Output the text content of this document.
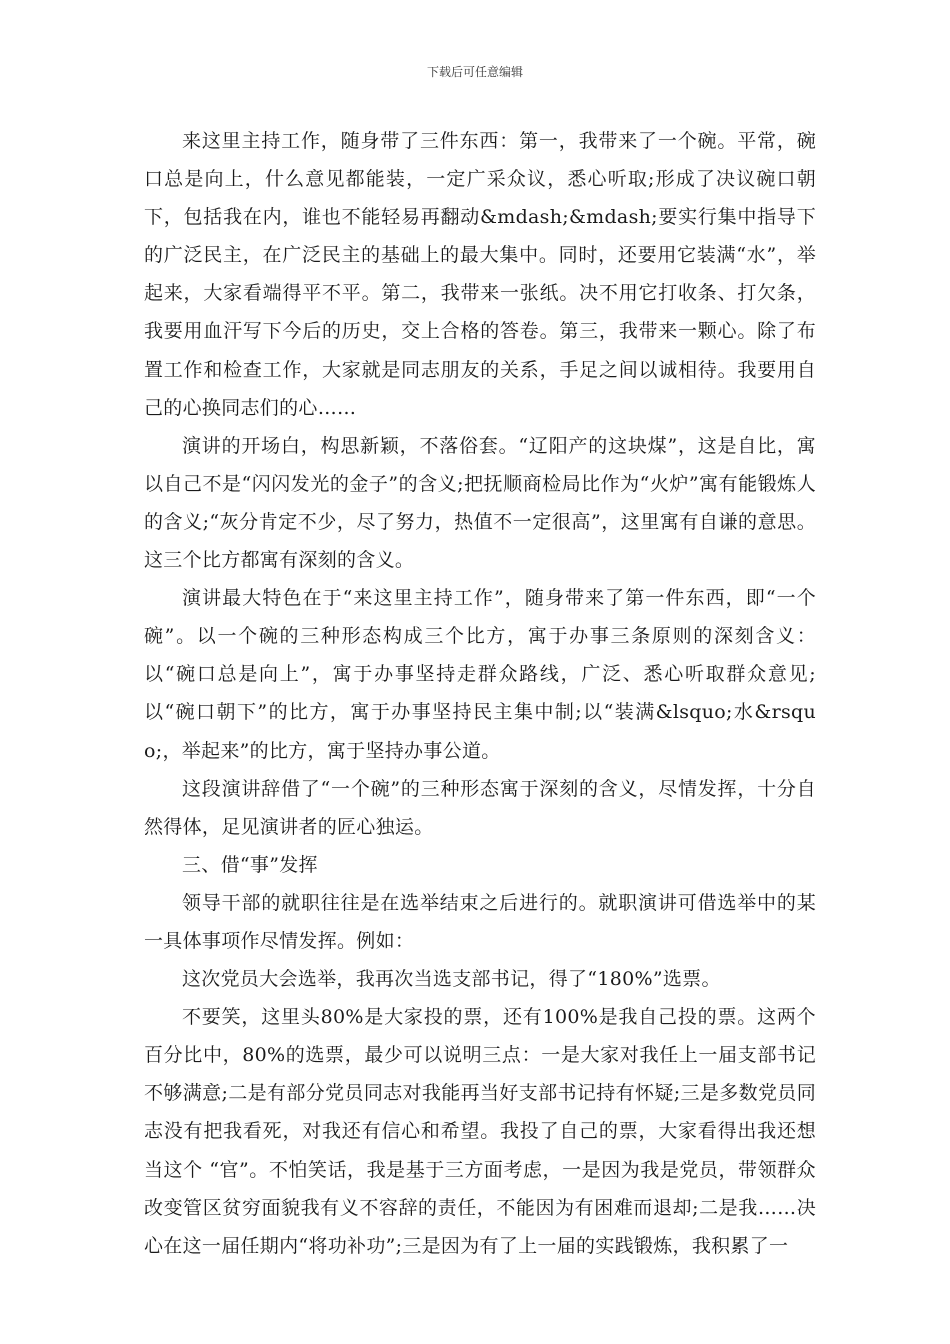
下载后可任意编辑

来这里主持工作，随身带了三件东西：第一，我带来了一个碗。平常，碗口总是向上，什么意见都能装，一定广采众议，悉心听取;形成了决议碗口朝下，包括我在内，谁也不能轻易再翻动&mdash;&mdash;要实行集中指导下的广泛民主，在广泛民主的基础上的最大集中。同时，还要用它装满“水”，举起来，大家看端得平不平。第二，我带来一张纸。决不用它打收条、打欠条，我要用血汗写下今后的历史，交上合格的答卷。第三，我带来一颗心。除了布置工作和检查工作，大家就是同志朋友的关系，手足之间以诚相待。我要用自己的心换同志们的心……

演讲的开场白，构思新颖，不落俗套。“辽阳产的这块煤”，这是自比，寓以自己不是“闪闪发光的金子”的含义;把抚顺商检局比作为“火炉”寓有能锻炼人的含义;“灰分肯定不少，尽了努力，热值不一定很高”，这里寓有自谦的意思。这三个比方都寓有深刻的含义。

演讲最大特色在于“来这里主持工作”，随身带来了第一件东西，即“一个碗”。以一个碗的三种形态构成三个比方，寓于办事三条原则的深刻含义：以“碗口总是向上”，寓于办事坚持走群众路线，广泛、悉心听取群众意见;以“碗口朝下”的比方，寓于办事坚持民主集中制;以“装满&lsquo;水&rsquo;，举起来”的比方，寓于坚持办事公道。

这段演讲辞借了“一个碗”的三种形态寓于深刻的含义，尽情发挥，十分自然得体，足见演讲者的匠心独运。

三、借“事”发挥

领导干部的就职往往是在选举结束之后进行的。就职演讲可借选举中的某一具体事项作尽情发挥。例如：

这次党员大会选举，我再次当选支部书记，得了“180%”选票。

不要笑，这里头80%是大家投的票，还有100%是我自己投的票。这两个百分比中，80%的选票，最少可以说明三点：一是大家对我任上一届支部书记不够满意;二是有部分党员同志对我能再当好支部书记持有怀疑;三是多数党员同志没有把我看死，对我还有信心和希望。我投了自己的票，大家看得出我还想当这个 “官”。不怕笑话，我是基于三方面考虑，一是因为我是党员，带领群众改变管区贫穷面貌我有义不容辞的责任，不能因为有困难而退却;二是我……决心在这一届任期内“将功补功”;三是因为有了上一届的实践锻炼，我积累了一
